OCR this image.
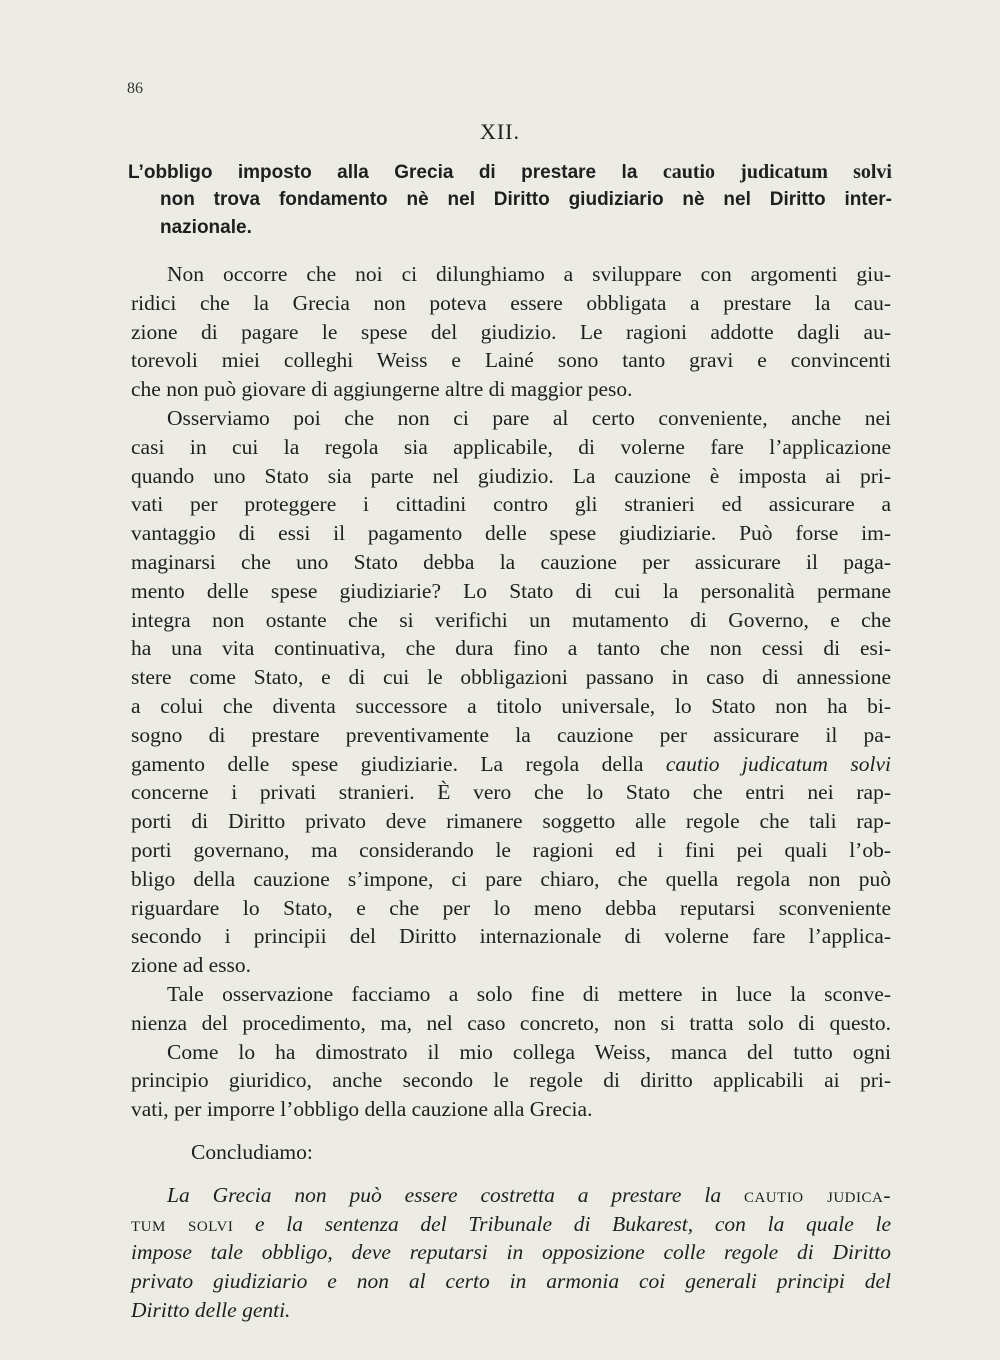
86
XII.
L’obbligo imposto alla Grecia di prestare la cautio judicatum solvi
non trova fondamento nè nel Diritto giudiziario nè nel Diritto inter-
nazionale.
Non occorre che noi ci dilunghiamo a sviluppare con argomenti giu-
ridici che la Grecia non poteva essere obbligata a prestare la cau-
zione di pagare le spese del giudizio. Le ragioni addotte dagli au-
torevoli miei colleghi Weiss e Lainé sono tanto gravi e convincenti
che non può giovare di aggiungerne altre di maggior peso.
Osserviamo poi che non ci pare al certo conveniente, anche nei
casi in cui la regola sia applicabile, di volerne fare l’applicazione
quando uno Stato sia parte nel giudizio. La cauzione è imposta ai pri-
vati per proteggere i cittadini contro gli stranieri ed assicurare a
vantaggio di essi il pagamento delle spese giudiziarie. Può forse im-
maginarsi che uno Stato debba la cauzione per assicurare il paga-
mento delle spese giudiziarie? Lo Stato di cui la personalità permane
integra non ostante che si verifichi un mutamento di Governo, e che
ha una vita continuativa, che dura fino a tanto che non cessi di esi-
stere come Stato, e di cui le obbligazioni passano in caso di annessione
a colui che diventa successore a titolo universale, lo Stato non ha bi-
sogno di prestare preventivamente la cauzione per assicurare il pa-
gamento delle spese giudiziarie. La regola della cautio judicatum solvi
concerne i privati stranieri. È vero che lo Stato che entri nei rap-
porti di Diritto privato deve rimanere soggetto alle regole che tali rap-
porti governano, ma considerando le ragioni ed i fini pei quali l’ob-
bligo della cauzione s’impone, ci pare chiaro, che quella regola non può
riguardare lo Stato, e che per lo meno debba reputarsi sconveniente
secondo i principii del Diritto internazionale di volerne fare l’applica-
zione ad esso.
Tale osservazione facciamo a solo fine di mettere in luce la sconve-
nienza del procedimento, ma, nel caso concreto, non si tratta solo di questo.
Come lo ha dimostrato il mio collega Weiss, manca del tutto ogni
principio giuridico, anche secondo le regole di diritto applicabili ai pri-
vati, per imporre l’obbligo della cauzione alla Grecia.
Concludiamo:
La Grecia non può essere costretta a prestare la cautio judica-
tum solvi e la sentenza del Tribunale di Bukarest, con la quale le
impose tale obbligo, deve reputarsi in opposizione colle regole di Diritto
privato giudiziario e non al certo in armonia coi generali principi del
Diritto delle genti.
